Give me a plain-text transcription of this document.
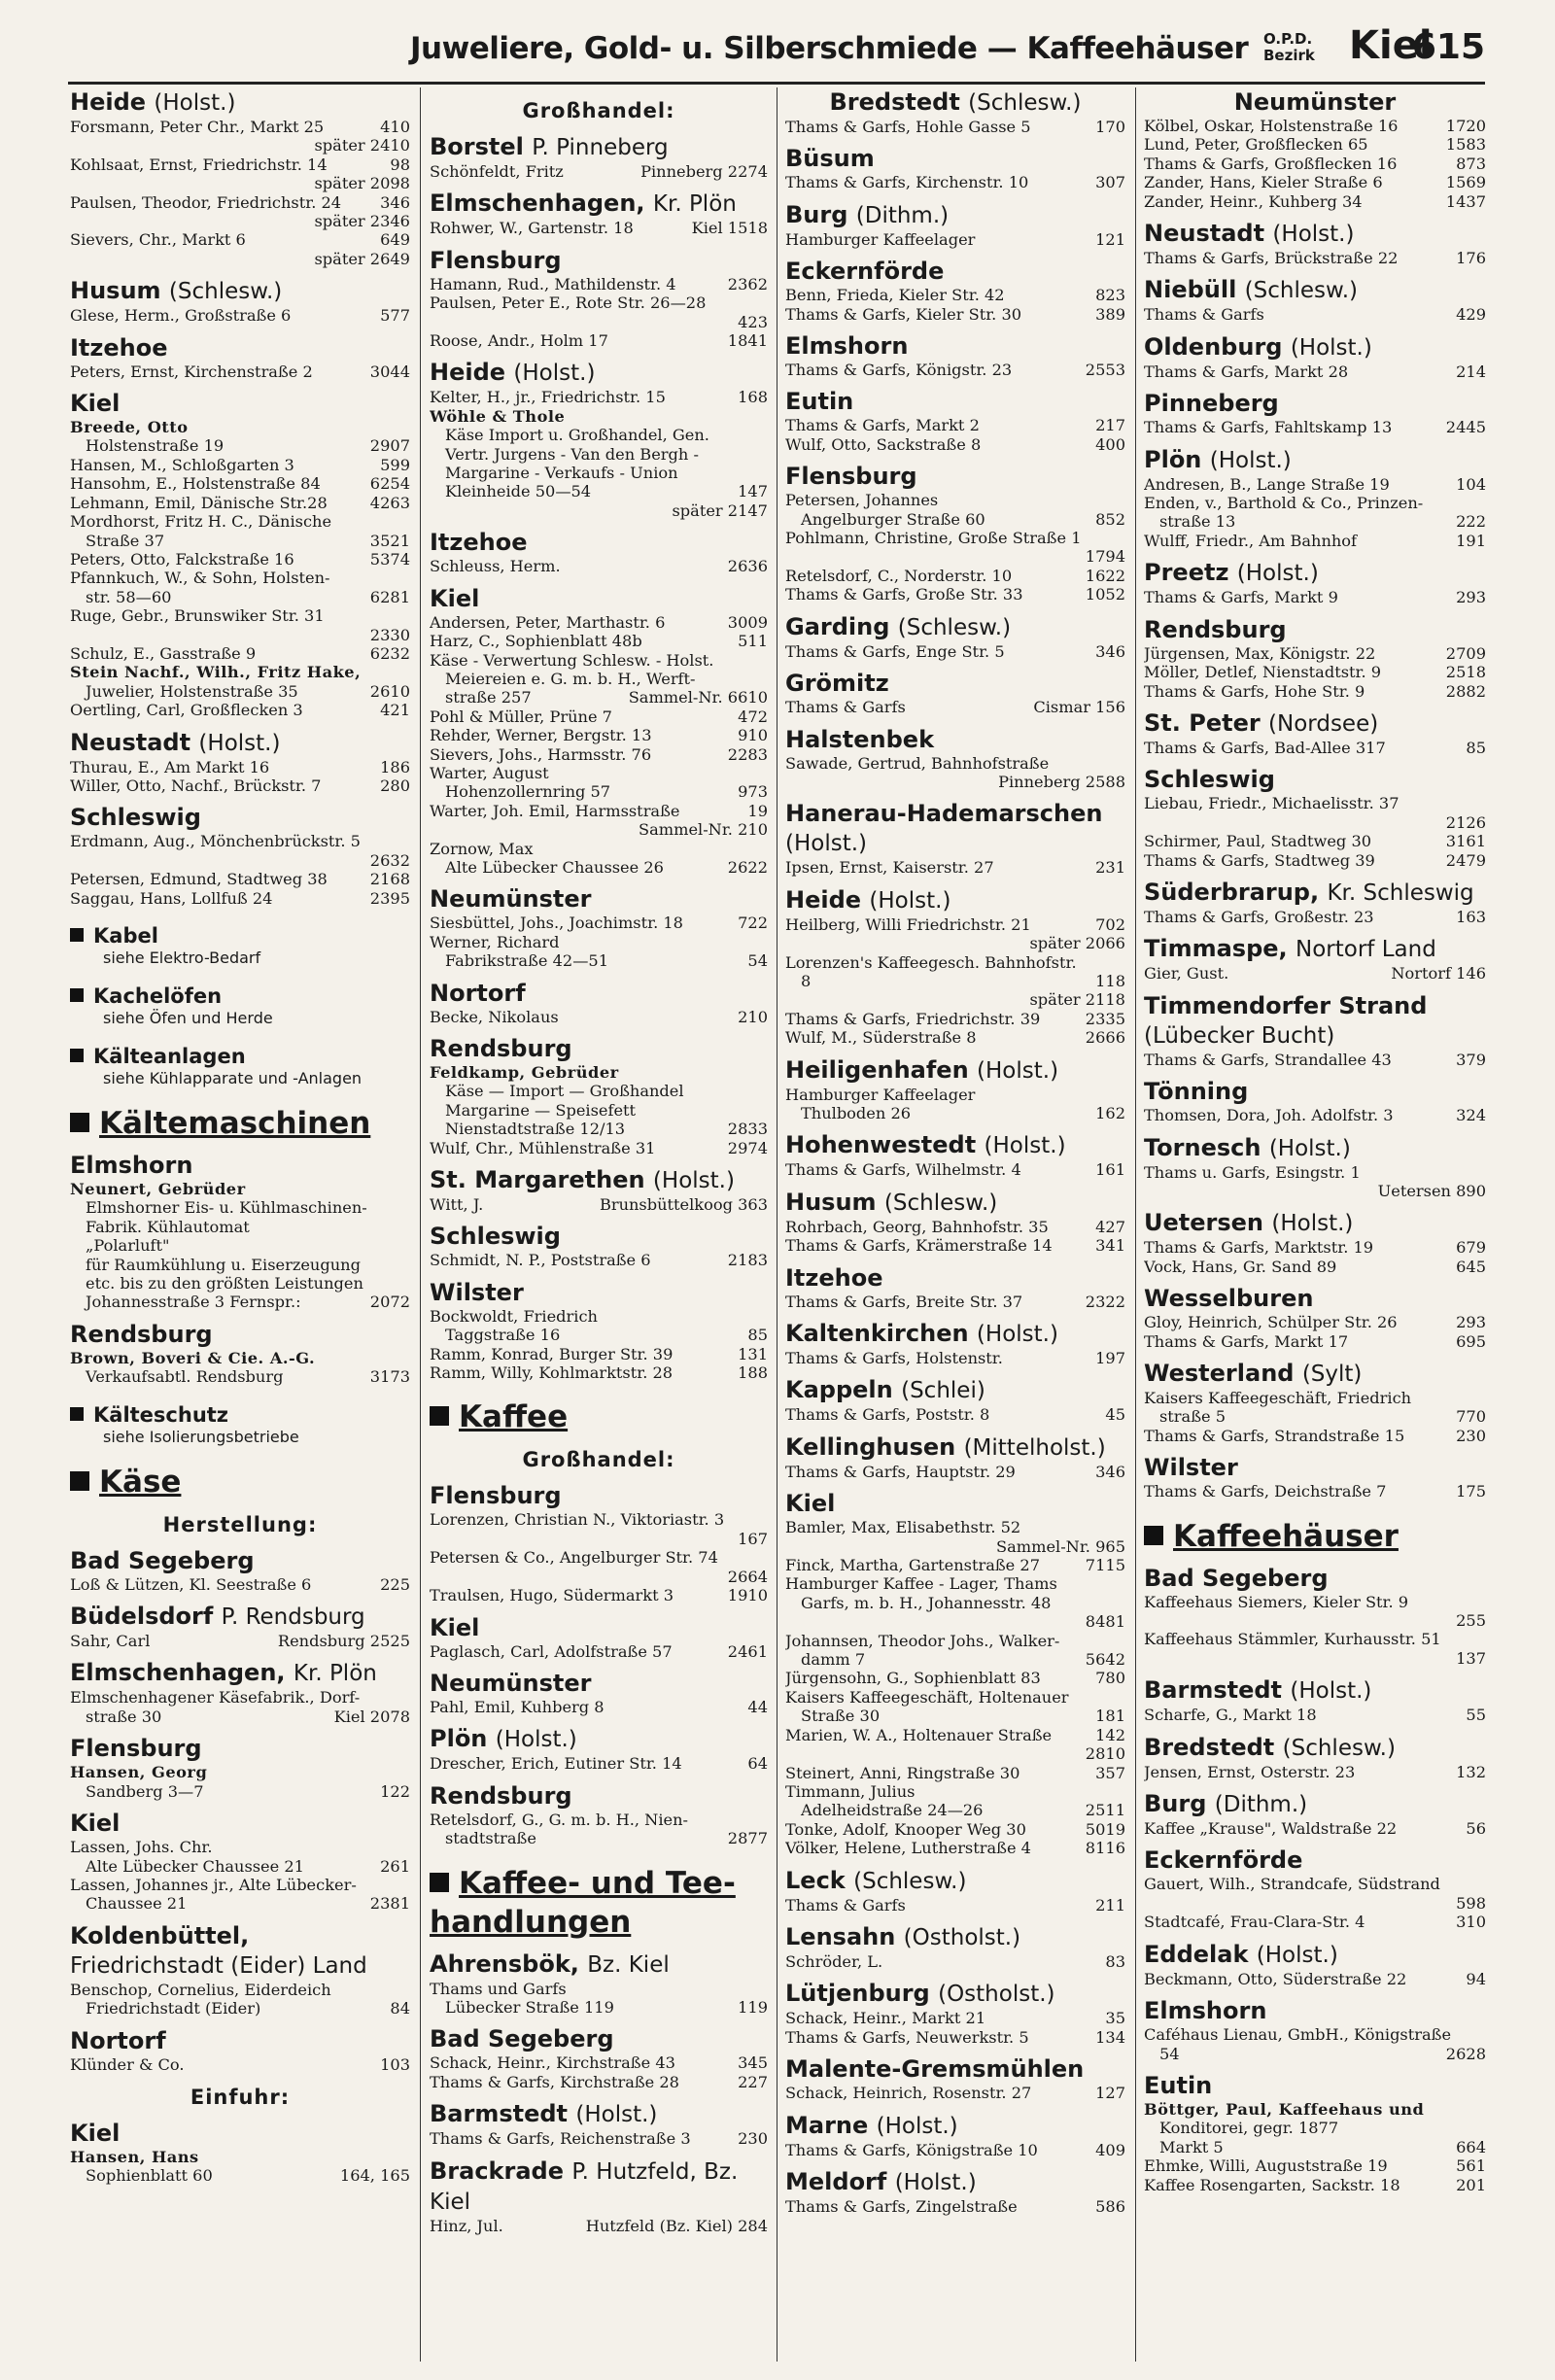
Juweliere, Gold- u. Silberschmiede — Kaffeehäuser O.P.D.
Bezirk Kiel
615
Heide (Holst.)
Forsmann, Peter Chr., Markt 25	410
später 2410
Kohlsaat, Ernst, Friedrichstr. 14	98
später 2098
Paulsen, Theodor, Friedrichstr. 24	346
später 2346
Sievers, Chr., Markt 6	649
später 2649
Husum (Schlesw.)
Glese, Herm., Großstraße 6	577
Itzehoe
Peters, Ernst, Kirchenstraße 2	3044
Kiel
Breede, Otto
Holstenstraße 19	2907
Hansen, M., Schloßgarten 3	599
Hansohm, E., Holstenstraße 84	6254
Lehmann, Emil, Dänische Str.28	4263
Mordhorst, Fritz H. C., Dänische
Straße 37	3521
Peters, Otto, Falckstraße 16	5374
Pfannkuch, W., & Sohn, Holsten-
str. 58—60	6281
Ruge, Gebr., Brunswiker Str. 31
2330
Schulz, E., Gasstraße 9	6232
Stein Nachf., Wilh., Fritz Hake,
Juwelier, Holstenstraße 35	2610
Oertling, Carl, Großflecken 3	421
Neustadt (Holst.)
Thurau, E., Am Markt 16	186
Willer, Otto, Nachf., Brückstr. 7	280
Schleswig
Erdmann, Aug., Mönchenbrückstr. 5
2632
Petersen, Edmund, Stadtweg 38	2168
Saggau, Hans, Lollfuß 24	2395
Kabel
siehe Elektro-Bedarf
Kachelöfen
siehe Öfen und Herde
Kälteanlagen
siehe Kühlapparate und -Anlagen
Kältemaschinen
Elmshorn
Neunert, Gebrüder
Elmshorner Eis- u. Kühlmaschinen-
Fabrik. Kühlautomat
„Polarluft"
für Raumkühlung u. Eiserzeugung
etc. bis zu den größten Leistungen
Johannesstraße 3 Fernspr.:	2072
Rendsburg
Brown, Boveri & Cie. A.-G.
Verkaufsabtl. Rendsburg	3173
Kälteschutz
siehe Isolierungsbetriebe
Käse
Herstellung:
Bad Segeberg
Loß & Lützen, Kl. Seestraße 6	225
Büdelsdorf P. Rendsburg
Sahr, Carl	Rendsburg 2525
Elmschenhagen, Kr. Plön
Elmschenhagener Käsefabrik., Dorf-
straße 30	Kiel 2078
Flensburg
Hansen, Georg
Sandberg 3—7	122
Kiel
Lassen, Johs. Chr.
Alte Lübecker Chaussee 21	261
Lassen, Johannes jr., Alte Lübecker-
Chaussee 21	2381
Koldenbüttel, Friedrichstadt (Eider) Land
Benschop, Cornelius, Eiderdeich
Friedrichstadt (Eider)	84
Nortorf
Klünder & Co.	103
Einfuhr:
Kiel
Hansen, Hans
Sophienblatt 60	164, 165
Großhandel:
Borstel P. Pinneberg
Schönfeldt, Fritz	Pinneberg 2274
Elmschenhagen, Kr. Plön
Rohwer, W., Gartenstr. 18	Kiel 1518
Flensburg
Hamann, Rud., Mathildenstr. 4	2362
Paulsen, Peter E., Rote Str. 26—28
423
Roose, Andr., Holm 17	1841
Heide (Holst.)
Kelter, H., jr., Friedrichstr. 15	168
Wöhle & Thole
Käse Import u. Großhandel, Gen.
Vertr. Jurgens - Van den Bergh -
Margarine - Verkaufs - Union
Kleinheide 50—54	147
später 2147
Itzehoe
Schleuss, Herm.	2636
Kiel
Andersen, Peter, Marthastr. 6	3009
Harz, C., Sophienblatt 48b	511
Käse - Verwertung Schlesw. - Holst.
Meiereien e. G. m. b. H., Werft-
straße 257	Sammel-Nr. 6610
Pohl & Müller, Prüne 7	472
Rehder, Werner, Bergstr. 13	910
Sievers, Johs., Harmsstr. 76	2283
Warter, August
Hohenzollernring 57	973
Warter, Joh. Emil, Harmsstraße	19
Sammel-Nr. 210
Zornow, Max
Alte Lübecker Chaussee 26	2622
Neumünster
Siesbüttel, Johs., Joachimstr. 18	722
Werner, Richard
Fabrikstraße 42—51	54
Nortorf
Becke, Nikolaus	210
Rendsburg
Feldkamp, Gebrüder
Käse — Import — Großhandel
Margarine — Speisefett
Nienstadtstraße 12/13	2833
Wulf, Chr., Mühlenstraße 31	2974
St. Margarethen (Holst.)
Witt, J.	Brunsbüttelkoog 363
Schleswig
Schmidt, N. P., Poststraße 6	2183
Wilster
Bockwoldt, Friedrich
Taggstraße 16	85
Ramm, Konrad, Burger Str. 39	131
Ramm, Willy, Kohlmarktstr. 28	188
Kaffee
Großhandel:
Flensburg
Lorenzen, Christian N., Viktoriastr. 3
167
Petersen & Co., Angelburger Str. 74
2664
Traulsen, Hugo, Südermarkt 3	1910
Kiel
Paglasch, Carl, Adolfstraße 57	2461
Neumünster
Pahl, Emil, Kuhberg 8	44
Plön (Holst.)
Drescher, Erich, Eutiner Str. 14	64
Rendsburg
Retelsdorf, G., G. m. b. H., Nien-
stadtstraße	2877
Kaffee- und Tee-handlungen
Ahrensbök, Bz. Kiel
Thams und Garfs
Lübecker Straße 119	119
Bad Segeberg
Schack, Heinr., Kirchstraße 43	345
Thams & Garfs, Kirchstraße 28	227
Barmstedt (Holst.)
Thams & Garfs, Reichenstraße 3	230
Brackrade P. Hutzfeld, Bz. Kiel
Hinz, Jul.	Hutzfeld (Bz. Kiel) 284
Bredstedt (Schlesw.)
Thams & Garfs, Hohle Gasse 5	170
Büsum
Thams & Garfs, Kirchenstr. 10	307
Burg (Dithm.)
Hamburger Kaffeelager	121
Eckernförde
Benn, Frieda, Kieler Str. 42	823
Thams & Garfs, Kieler Str. 30	389
Elmshorn
Thams & Garfs, Königstr. 23	2553
Eutin
Thams & Garfs, Markt 2	217
Wulf, Otto, Sackstraße 8	400
Flensburg
Petersen, Johannes
Angelburger Straße 60	852
Pohlmann, Christine, Große Straße 1
1794
Retelsdorf, C., Norderstr. 10	1622
Thams & Garfs, Große Str. 33	1052
Garding (Schlesw.)
Thams & Garfs, Enge Str. 5	346
Grömitz
Thams & Garfs	Cismar 156
Halstenbek
Sawade, Gertrud, Bahnhofstraße
Pinneberg 2588
Hanerau-Hademarschen (Holst.)
Ipsen, Ernst, Kaiserstr. 27	231
Heide (Holst.)
Heilberg, Willi Friedrichstr. 21	702
später 2066
Lorenzen's Kaffeegesch. Bahnhofstr.
8	118
später 2118
Thams & Garfs, Friedrichstr. 39	2335
Wulf, M., Süderstraße 8	2666
Heiligenhafen (Holst.)
Hamburger Kaffeelager
Thulboden 26	162
Hohenwestedt (Holst.)
Thams & Garfs, Wilhelmstr. 4	161
Husum (Schlesw.)
Rohrbach, Georg, Bahnhofstr. 35	427
Thams & Garfs, Krämerstraße 14	341
Itzehoe
Thams & Garfs, Breite Str. 37	2322
Kaltenkirchen (Holst.)
Thams & Garfs, Holstenstr.	197
Kappeln (Schlei)
Thams & Garfs, Poststr. 8	45
Kellinghusen (Mittelholst.)
Thams & Garfs, Hauptstr. 29	346
Kiel
Bamler, Max, Elisabethstr. 52
Sammel-Nr. 965
Finck, Martha, Gartenstraße 27	7115
Hamburger Kaffee - Lager, Thams
Garfs, m. b. H., Johannesstr. 48
8481
Johannsen, Theodor Johs., Walker-
damm 7	5642
Jürgensohn, G., Sophienblatt 83	780
Kaisers Kaffeegeschäft, Holtenauer
Straße 30	181
Marien, W. A., Holtenauer Straße	142
2810
Steinert, Anni, Ringstraße 30	357
Timmann, Julius
Adelheidstraße 24—26	2511
Tonke, Adolf, Knooper Weg 30	5019
Völker, Helene, Lutherstraße 4	8116
Leck (Schlesw.)
Thams & Garfs	211
Lensahn (Ostholst.)
Schröder, L.	83
Lütjenburg (Ostholst.)
Schack, Heinr., Markt 21	35
Thams & Garfs, Neuwerkstr. 5	134
Malente-Gremsmühlen
Schack, Heinrich, Rosenstr. 27	127
Marne (Holst.)
Thams & Garfs, Königstraße 10	409
Meldorf (Holst.)
Thams & Garfs, Zingelstraße	586
Neumünster
Kölbel, Oskar, Holstenstraße 16	1720
Lund, Peter, Großflecken 65	1583
Thams & Garfs, Großflecken 16	873
Zander, Hans, Kieler Straße 6	1569
Zander, Heinr., Kuhberg 34	1437
Neustadt (Holst.)
Thams & Garfs, Brückstraße 22	176
Niebüll (Schlesw.)
Thams & Garfs	429
Oldenburg (Holst.)
Thams & Garfs, Markt 28	214
Pinneberg
Thams & Garfs, Fahltskamp 13	2445
Plön (Holst.)
Andresen, B., Lange Straße 19	104
Enden, v., Barthold & Co., Prinzen-
straße 13	222
Wulff, Friedr., Am Bahnhof	191
Preetz (Holst.)
Thams & Garfs, Markt 9	293
Rendsburg
Jürgensen, Max, Königstr. 22	2709
Möller, Detlef, Nienstadtstr. 9	2518
Thams & Garfs, Hohe Str. 9	2882
St. Peter (Nordsee)
Thams & Garfs, Bad-Allee 317	85
Schleswig
Liebau, Friedr., Michaelisstr. 37
2126
Schirmer, Paul, Stadtweg 30	3161
Thams & Garfs, Stadtweg 39	2479
Süderbrarup, Kr. Schleswig
Thams & Garfs, Großestr. 23	163
Timmaspe, Nortorf Land
Gier, Gust.	Nortorf 146
Timmendorfer Strand (Lübecker Bucht)
Thams & Garfs, Strandallee 43	379
Tönning
Thomsen, Dora, Joh. Adolfstr. 3	324
Tornesch (Holst.)
Thams u. Garfs, Esingstr. 1
Uetersen 890
Uetersen (Holst.)
Thams & Garfs, Marktstr. 19	679
Vock, Hans, Gr. Sand 89	645
Wesselburen
Gloy, Heinrich, Schülper Str. 26	293
Thams & Garfs, Markt 17	695
Westerland (Sylt)
Kaisers Kaffeegeschäft, Friedrich
straße 5	770
Thams & Garfs, Strandstraße 15	230
Wilster
Thams & Garfs, Deichstraße 7	175
Kaffeehäuser
Bad Segeberg
Kaffeehaus Siemers, Kieler Str. 9
255
Kaffeehaus Stämmler, Kurhausstr. 51
137
Barmstedt (Holst.)
Scharfe, G., Markt 18	55
Bredstedt (Schlesw.)
Jensen, Ernst, Osterstr. 23	132
Burg (Dithm.)
Kaffee „Krause", Waldstraße 22	56
Eckernförde
Gauert, Wilh., Strandcafe, Südstrand
598
Stadtcafé, Frau-Clara-Str. 4	310
Eddelak (Holst.)
Beckmann, Otto, Süderstraße 22	94
Elmshorn
Caféhaus Lienau, GmbH., Königstraße
54	2628
Eutin
Böttger, Paul, Kaffeehaus und
Konditorei, gegr. 1877
Markt 5	664
Ehmke, Willi, Auguststraße 19	561
Kaffee Rosengarten, Sackstr. 18	201
